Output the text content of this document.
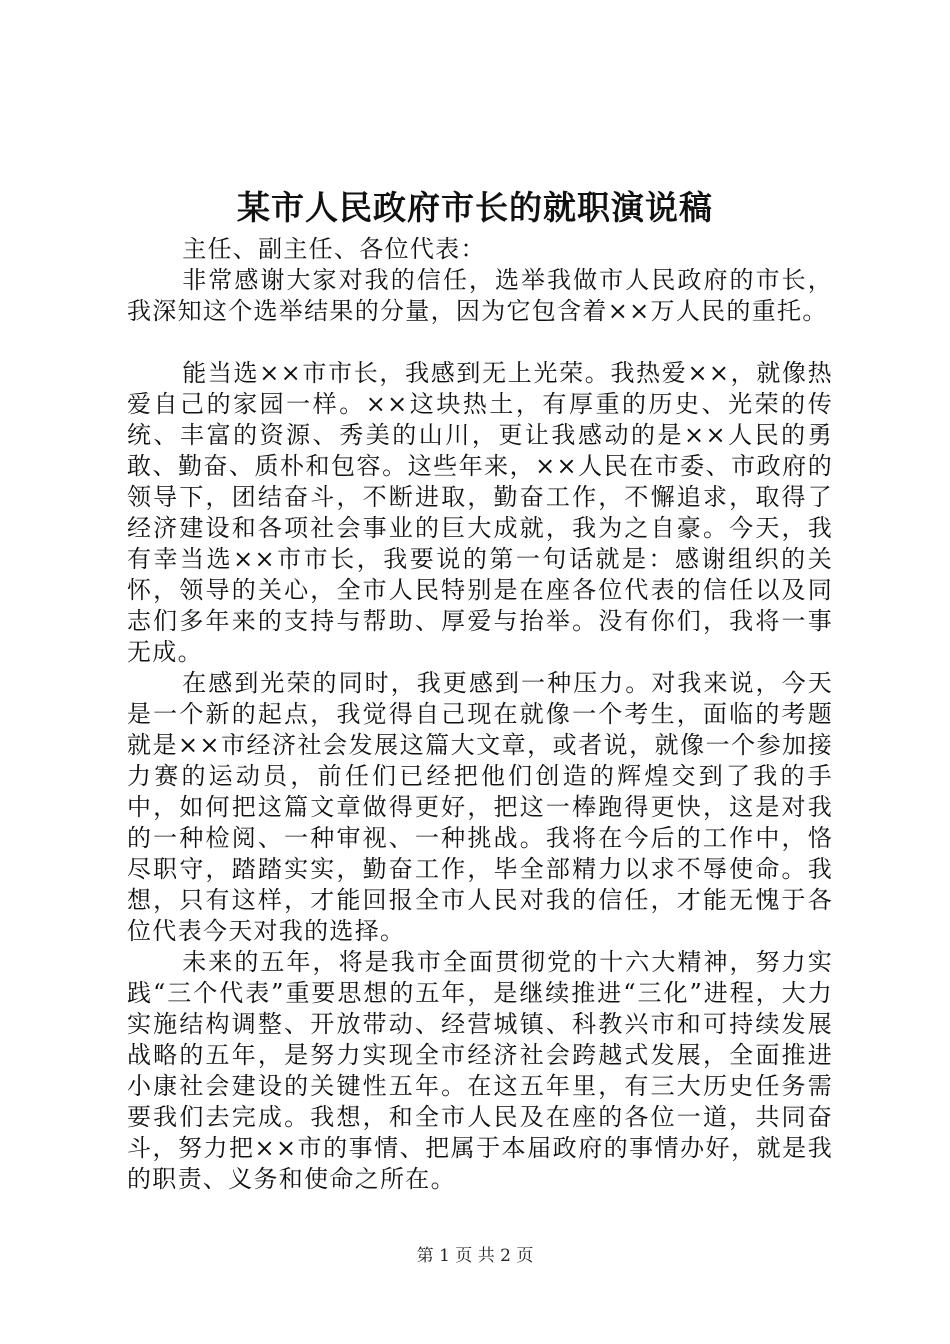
某市人民政府市长的就职演说稿

主任、副主任、各位代表：

非常感谢大家对我的信任，选举我做市人民政府的市长，我深知这个选举结果的分量，因为它包含着××万人民的重托。

能当选××市市长，我感到无上光荣。我热爱××，就像热爱自己的家园一样。××这块热土，有厚重的历史、光荣的传统、丰富的资源、秀美的山川，更让我感动的是××人民的勇敢、勤奋、质朴和包容。这些年来，××人民在市委、市政府的领导下，团结奋斗，不断进取，勤奋工作，不懈追求，取得了经济建设和各项社会事业的巨大成就，我为之自豪。今天，我有幸当选××市市长，我要说的第一句话就是：感谢组织的关怀，领导的关心，全市人民特别是在座各位代表的信任以及同志们多年来的支持与帮助、厚爱与抬举。没有你们，我将一事无成。

在感到光荣的同时，我更感到一种压力。对我来说，今天是一个新的起点，我觉得自己现在就像一个考生，面临的考题就是××市经济社会发展这篇大文章，或者说，就像一个参加接力赛的运动员，前任们已经把他们创造的辉煌交到了我的手中，如何把这篇文章做得更好，把这一棒跑得更快，这是对我的一种检阅、一种审视、一种挑战。我将在今后的工作中，恪尽职守，踏踏实实，勤奋工作，毕全部精力以求不辱使命。我想，只有这样，才能回报全市人民对我的信任，才能无愧于各位代表今天对我的选择。

未来的五年，将是我市全面贯彻党的十六大精神，努力实践“三个代表”重要思想的五年，是继续推进“三化”进程，大力实施结构调整、开放带动、经营城镇、科教兴市和可持续发展战略的五年，是努力实现全市经济社会跨越式发展，全面推进小康社会建设的关键性五年。在这五年里，有三大历史任务需要我们去完成。我想，和全市人民及在座的各位一道，共同奋斗，努力把××市的事情、把属于本届政府的事情办好，就是我的职责、义务和使命之所在。

第 1 页 共 2 页
